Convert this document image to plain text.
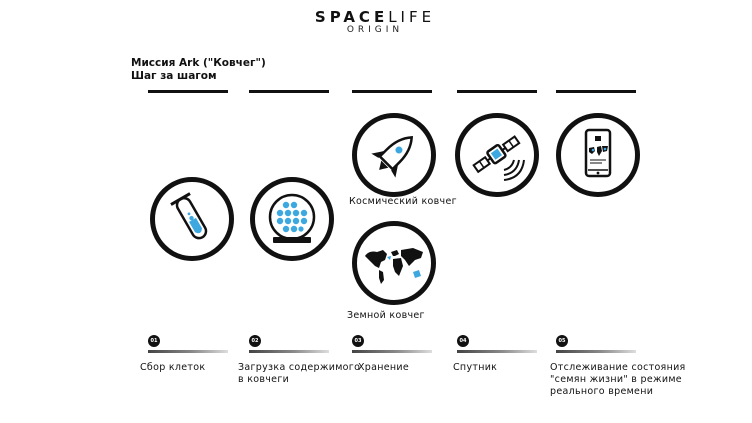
SPACELIFE
ORIGIN
Миссия Ark ("Ковчег")
Шаг за шагом
Космический ковчег
Земной ковчег
01	02	03	04	05
Сбор клеток	Загрузка содержимого
в ковчеги
Хранение	Спутник	Отслеживание состояния
"семян жизни" в режиме
реального времени
